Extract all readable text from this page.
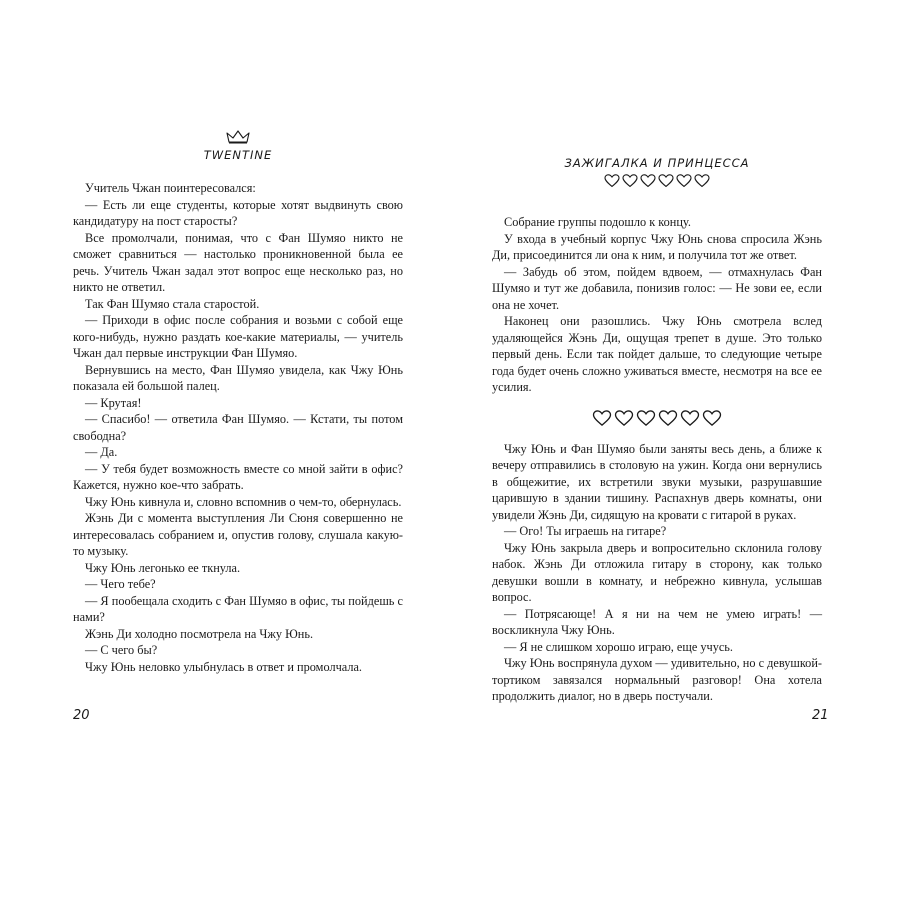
TWENTINE

Учитель Чжан поинтересовался:

— Есть ли еще студенты, которые хотят выдвинуть свою кандидатуру на пост старосты?

Все промолчали, понимая, что с Фан Шумяо никто не сможет сравниться — настолько проникновенной была ее речь. Учитель Чжан задал этот вопрос еще несколько раз, но никто не ответил.

Так Фан Шумяо стала старостой.

— Приходи в офис после собрания и возьми с собой еще кого-нибудь, нужно раздать кое-какие материалы, — учитель Чжан дал первые инструкции Фан Шумяо.

Вернувшись на место, Фан Шумяо увидела, как Чжу Юнь показала ей большой палец.

— Крутая!

— Спасибо! — ответила Фан Шумяо. — Кстати, ты потом свободна?

— Да.

— У тебя будет возможность вместе со мной зайти в офис? Кажется, нужно кое-что забрать.

Чжу Юнь кивнула и, словно вспомнив о чем-то, обернулась.

Жэнь Ди с момента выступления Ли Сюня совершенно не интересовалась собранием и, опустив голову, слушала какую-то музыку.

Чжу Юнь легонько ее ткнула.

— Чего тебе?

— Я пообещала сходить с Фан Шумяо в офис, ты пойдешь с нами?

Жэнь Ди холодно посмотрела на Чжу Юнь.

— С чего бы?

Чжу Юнь неловко улыбнулась в ответ и промолчала.

ЗАЖИГАЛКА И ПРИНЦЕССА

Собрание группы подошло к концу.

У входа в учебный корпус Чжу Юнь снова спросила Жэнь Ди, присоединится ли она к ним, и получила тот же ответ.

— Забудь об этом, пойдем вдвоем, — отмахнулась Фан Шумяо и тут же добавила, понизив голос: — Не зови ее, если она не хочет.

Наконец они разошлись. Чжу Юнь смотрела вслед удаляющейся Жэнь Ди, ощущая трепет в душе. Это только первый день. Если так пойдет дальше, то следующие четыре года будет очень сложно уживаться вместе, несмотря на все ее усилия.

Чжу Юнь и Фан Шумяо были заняты весь день, а ближе к вечеру отправились в столовую на ужин. Когда они вернулись в общежитие, их встретили звуки музыки, разрушавшие царившую в здании тишину. Распахнув дверь комнаты, они увидели Жэнь Ди, сидящую на кровати с гитарой в руках.

— Ого! Ты играешь на гитаре?

Чжу Юнь закрыла дверь и вопросительно склонила голову набок. Жэнь Ди отложила гитару в сторону, как только девушки вошли в комнату, и небрежно кивнула, услышав вопрос.

— Потрясающе! А я ни на чем не умею играть! — воскликнула Чжу Юнь.

— Я не слишком хорошо играю, еще учусь.

Чжу Юнь воспрянула духом — удивительно, но с девушкой-тортиком завязался нормальный разговор! Она хотела продолжить диалог, но в дверь постучали.

20	21
